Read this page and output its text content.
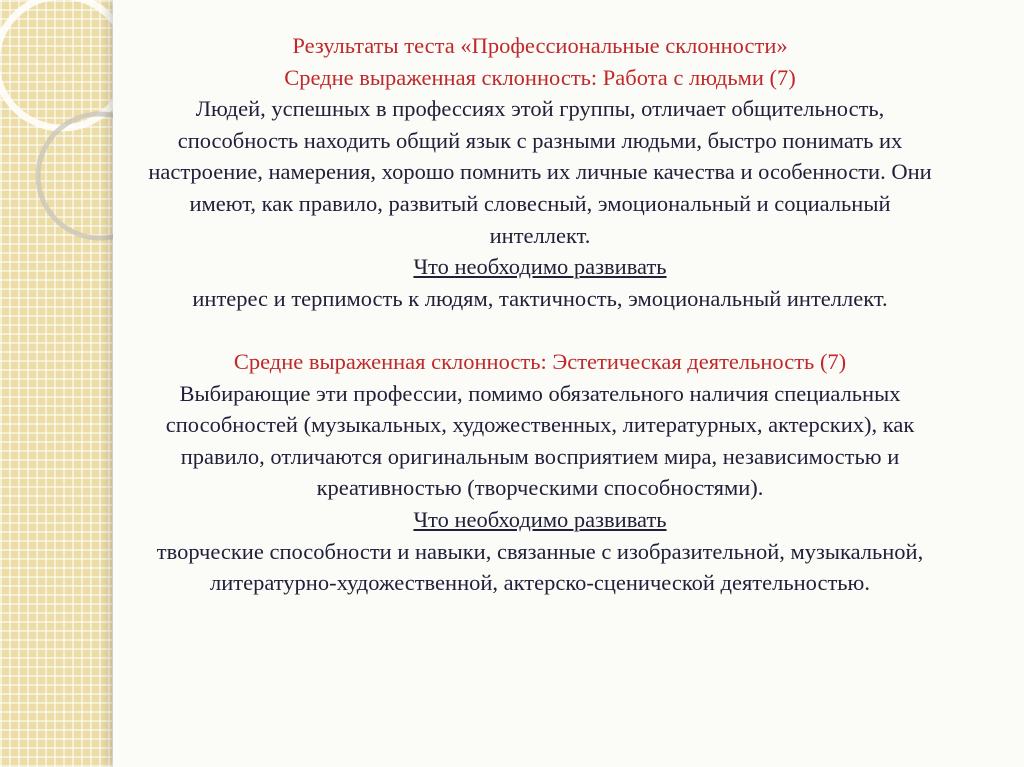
Результаты теста «Профессиональные склонности»

Средне выраженная склонность: Работа с людьми (7)

Людей, успешных в профессиях этой группы, отличает общительность, способность находить общий язык с разными людьми, быстро понимать их настроение, намерения, хорошо помнить их личные качества и особенности. Они имеют, как правило, развитый словесный, эмоциональный и социальный интеллект.

Что необходимо развивать

интерес и терпимость к людям, тактичность, эмоциональный интеллект.

Средне выраженная склонность: Эстетическая деятельность (7)

Выбирающие эти профессии, помимо обязательного наличия специальных способностей (музыкальных, художественных, литературных, актерских), как правило, отличаются оригинальным восприятием мира, независимостью и креативностью (творческими способностями).

Что необходимо развивать

творческие способности и навыки, связанные с изобразительной, музыкальной, литературно-художественной, актерско-сценической деятельностью.
